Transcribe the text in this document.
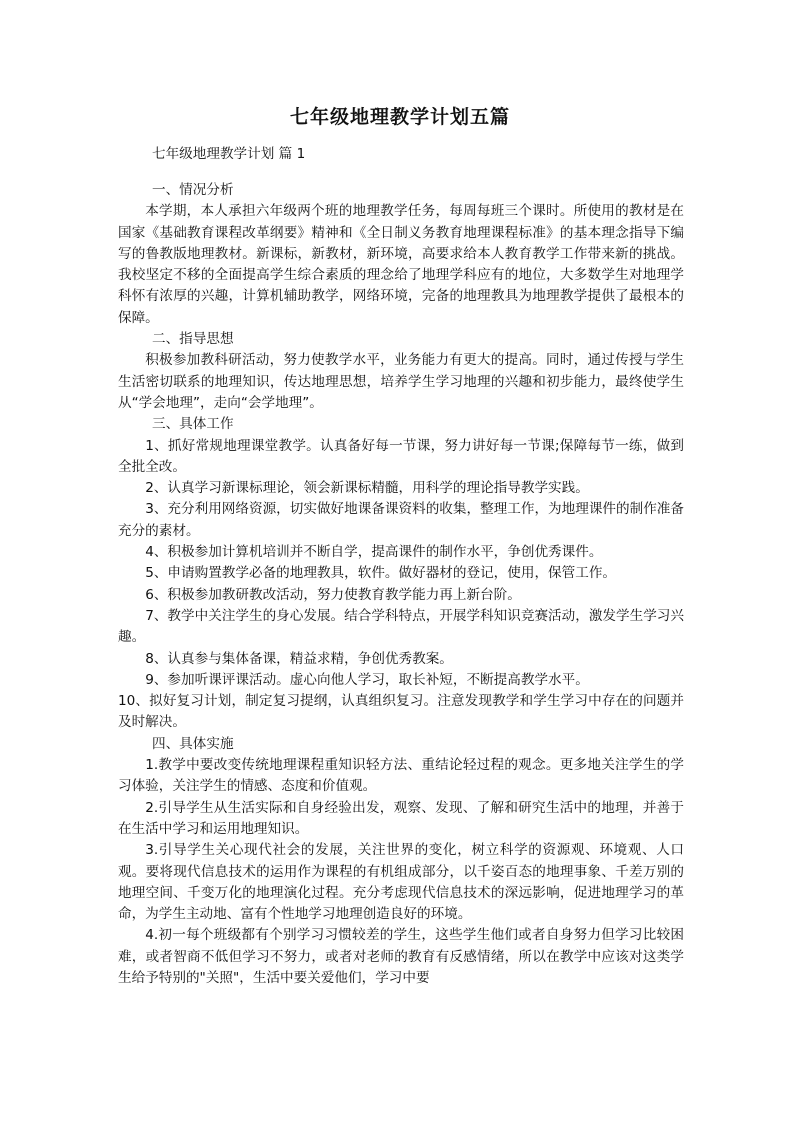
七年级地理教学计划五篇
七年级地理教学计划 篇 1

一、情况分析

本学期，本人承担六年级两个班的地理教学任务，每周每班三个课时。所使用的教材是在国家《基础教育课程改革纲要》精神和《全日制义务教育地理课程标准》的基本理念指导下编写的鲁教版地理教材。新课标，新教材，新环境，高要求给本人教育教学工作带来新的挑战。我校坚定不移的全面提高学生综合素质的理念给了地理学科应有的地位，大多数学生对地理学科怀有浓厚的兴趣，计算机辅助教学，网络环境，完备的地理教具为地理教学提供了最根本的保障。

二、指导思想

积极参加教科研活动，努力使教学水平，业务能力有更大的提高。同时，通过传授与学生生活密切联系的地理知识，传达地理思想，培养学生学习地理的兴趣和初步能力，最终使学生从“学会地理”，走向“会学地理”。

三、具体工作

1、抓好常规地理课堂教学。认真备好每一节课，努力讲好每一节课;保障每节一练，做到全批全改。

2、认真学习新课标理论，领会新课标精髓，用科学的理论指导教学实践。

3、充分利用网络资源，切实做好地课备课资料的收集，整理工作，为地理课件的制作准备充分的素材。

4、积极参加计算机培训并不断自学，提高课件的制作水平，争创优秀课件。

5、申请购置教学必备的地理教具，软件。做好器材的登记，使用，保管工作。

6、积极参加教研教改活动，努力使教育教学能力再上新台阶。

7、教学中关注学生的身心发展。结合学科特点，开展学科知识竞赛活动，激发学生学习兴趣。

8、认真参与集体备课，精益求精，争创优秀教案。

9、参加听课评课活动。虚心向他人学习，取长补短，不断提高教学水平。

10、拟好复习计划，制定复习提纲，认真组织复习。注意发现教学和学生学习中存在的问题并及时解决。

四、具体实施

1.教学中要改变传统地理课程重知识轻方法、重结论轻过程的观念。更多地关注学生的学习体验，关注学生的情感、态度和价值观。

2.引导学生从生活实际和自身经验出发，观察、发现、了解和研究生活中的地理，并善于在生活中学习和运用地理知识。

3.引导学生关心现代社会的发展，关注世界的变化，树立科学的资源观、环境观、人口观。要将现代信息技术的运用作为课程的有机组成部分，以千姿百态的地理事象、千差万别的地理空间、千变万化的地理演化过程。充分考虑现代信息技术的深远影响，促进地理学习的革命，为学生主动地、富有个性地学习地理创造良好的环境。

4.初一每个班级都有个别学习习惯较差的学生，这些学生他们或者自身努力但学习比较困难，或者智商不低但学习不努力，或者对老师的教育有反感情绪，所以在教学中应该对这类学生给予特别的"关照"，生活中要关爱他们，学习中要
